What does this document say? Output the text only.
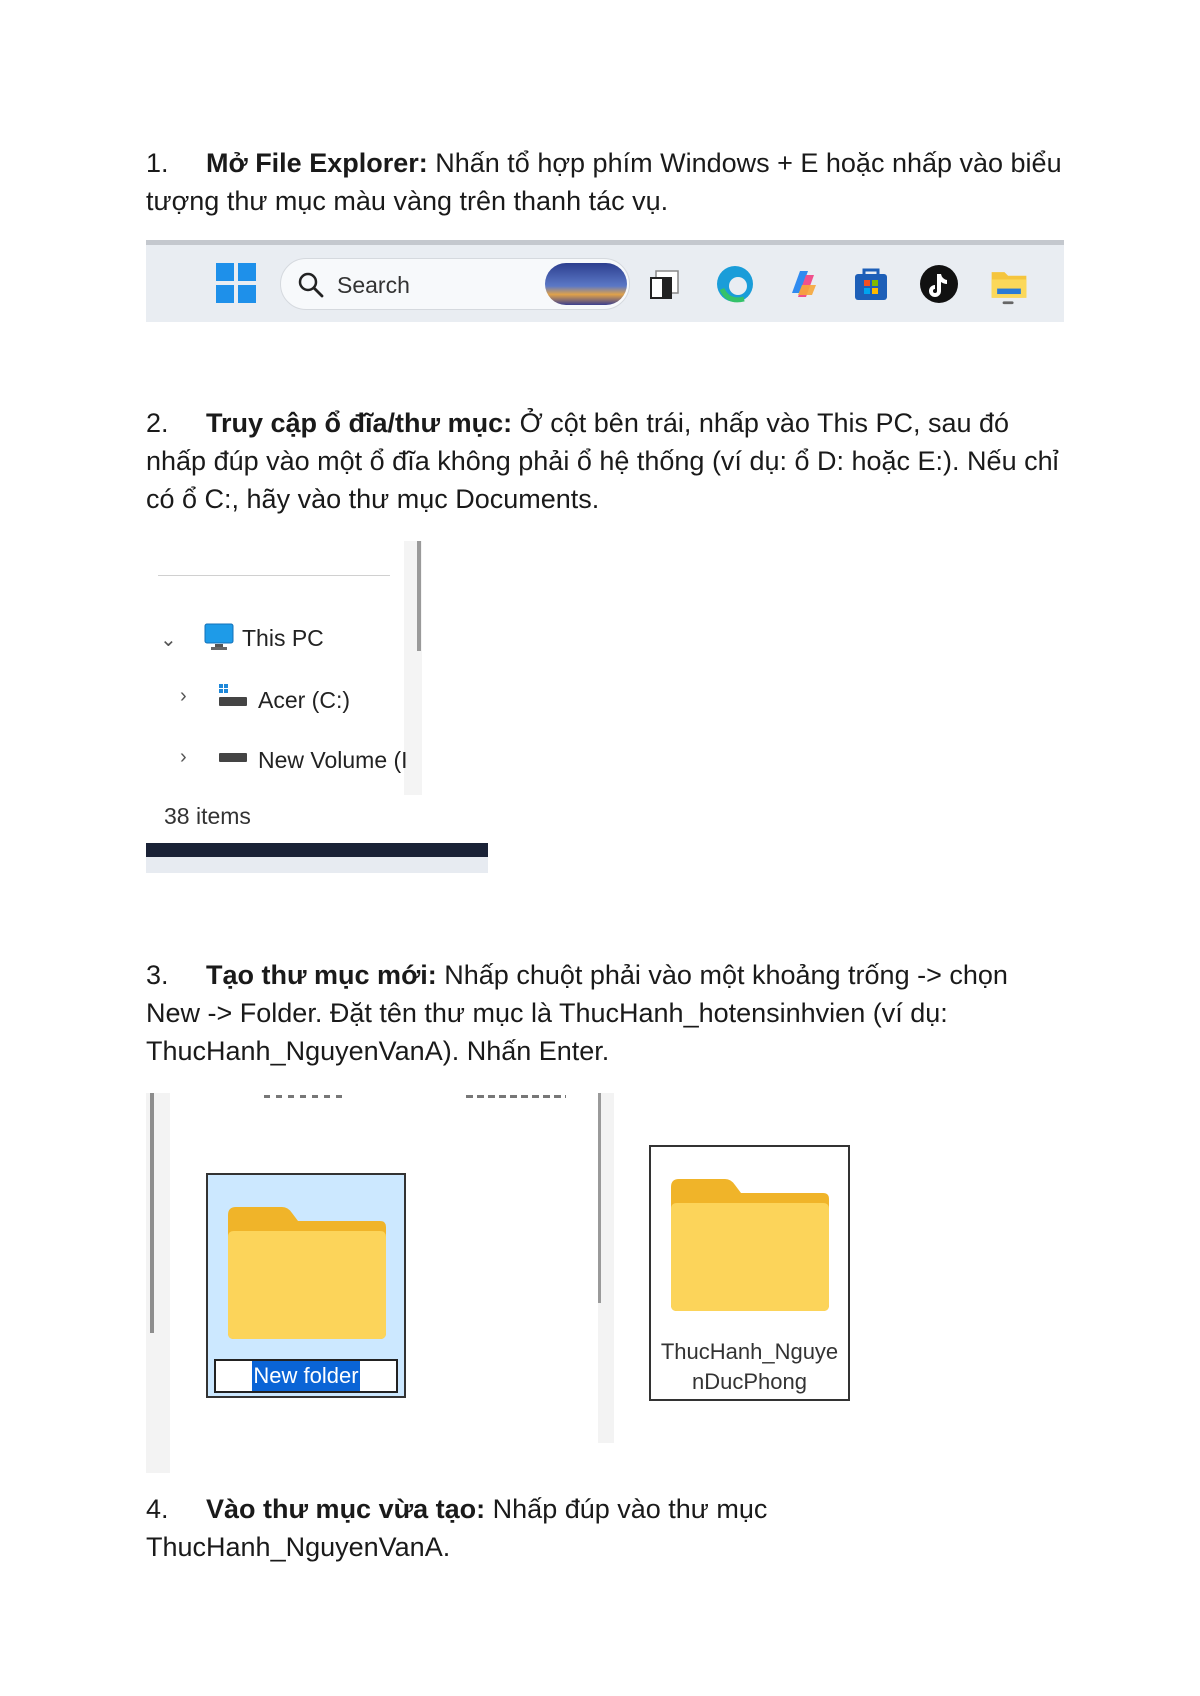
1. Mở File Explorer: Nhấn tổ hợp phím Windows + E hoặc nhấp vào biểu tượng thư mục màu vàng trên thanh tác vụ.

Search

2. Truy cập ổ đĩa/thư mục: Ở cột bên trái, nhấp vào This PC, sau đó nhấp đúp vào một ổ đĩa không phải ổ hệ thống (ví dụ: ổ D: hoặc E:). Nếu chỉ có ổ C:, hãy vào thư mục Documents.

⌄	This PC
›	Acer (C:)
›	New Volume (I
38 items

3. Tạo thư mục mới: Nhấp chuột phải vào một khoảng trống -> chọn New -> Folder. Đặt tên thư mục là ThucHanh_hotensinhvien (ví dụ: ThucHanh_NguyenVanA). Nhấn Enter.

New folder
ThucHanh_Nguye
nDucPhong

4. Vào thư mục vừa tạo: Nhấp đúp vào thư mục ThucHanh_NguyenVanA.
